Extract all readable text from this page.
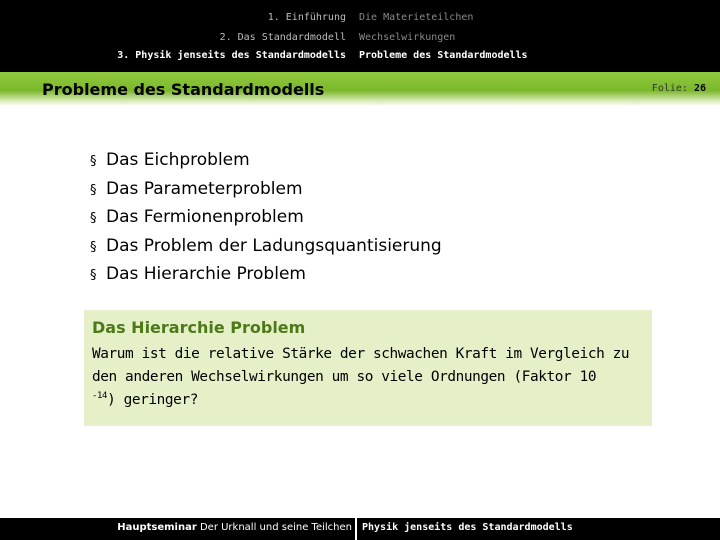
1. Einführung
2. Das Standardmodell
3. Physik jenseits des Standardmodells
Die Materieteilchen
Wechselwirkungen
Probleme des Standardmodells
Probleme des Standardmodells	Folie: 26
§ Das Eichproblem
§ Das Parameterproblem
§ Das Fermionenproblem
§ Das Problem der Ladungsquantisierung
§ Das Hierarchie Problem
Das Hierarchie Problem
Warum ist die relative Stärke der schwachen Kraft im Vergleich zu
den anderen Wechselwirkungen um so viele Ordnungen (Faktor 10
$^{-14}$) geringer?
Hauptseminar Der Urknall und seine Teilchen Physik jenseits des Standardmodells
